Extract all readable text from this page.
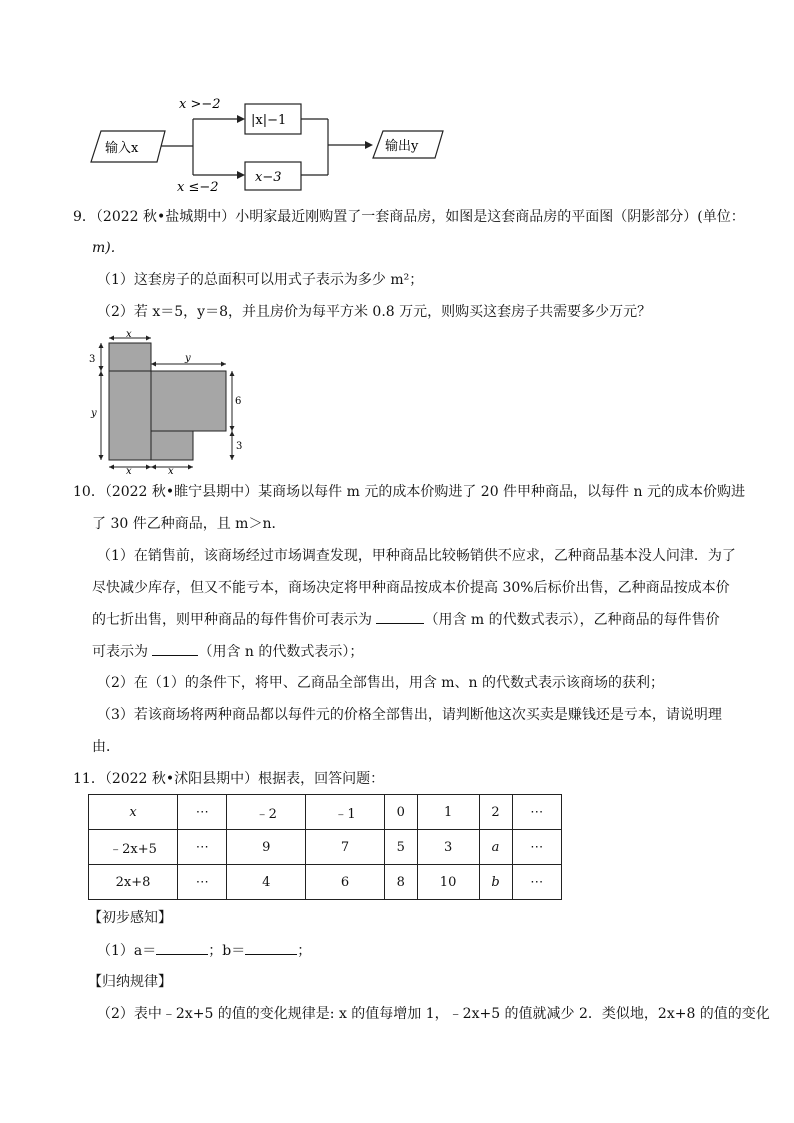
输入x
x >−2
x ≤−2
|x|−1
x−3
输出y
9．（2022 秋•盐城期中）小明家最近刚购置了一套商品房，如图是这套商品房的平面图（阴影部分）(单位：
m).
（1）这套房子的总面积可以用式子表示为多少 m²；
（2）若 x＝5，y＝8，并且房价为每平方米 0.8 万元，则购买这套房子共需要多少万元？
x
y
3
y
6
3
x	x
10．（2022 秋•睢宁县期中）某商场以每件 m 元的成本价购进了 20 件甲种商品，以每件 n 元的成本价购进
了 30 件乙种商品，且 m＞n．
（1）在销售前，该商场经过市场调查发现，甲种商品比较畅销供不应求，乙种商品基本没人问津．为了
尽快减少库存，但又不能亏本，商场决定将甲种商品按成本价提高 30%后标价出售，乙种商品按成本价
的七折出售，则甲种商品的每件售价可表示为	（用含 m 的代数式表示），乙种商品的每件售价
可表示为	（用含 n 的代数式表示）；
（2）在（1）的条件下，将甲、乙商品全部售出，用含 m、n 的代数式表示该商场的获利；
（3）若该商场将两种商品都以每件元的价格全部售出，请判断他这次买卖是赚钱还是亏本，请说明理
由．
11．（2022 秋•沭阳县期中）根据表，回答问题：
x	⋯	﹣2	﹣1	0	1	2	⋯
﹣2x+5	⋯	9	7	5	3	a	⋯
2x+8	⋯	4	6	8	10	b	⋯
【初步感知】
（1）a＝	；b＝	；
【归纳规律】
（2）表中﹣2x+5 的值的变化规律是: x 的值每增加 1，﹣2x+5 的值就减少 2．类似地，2x+8 的值的变化
